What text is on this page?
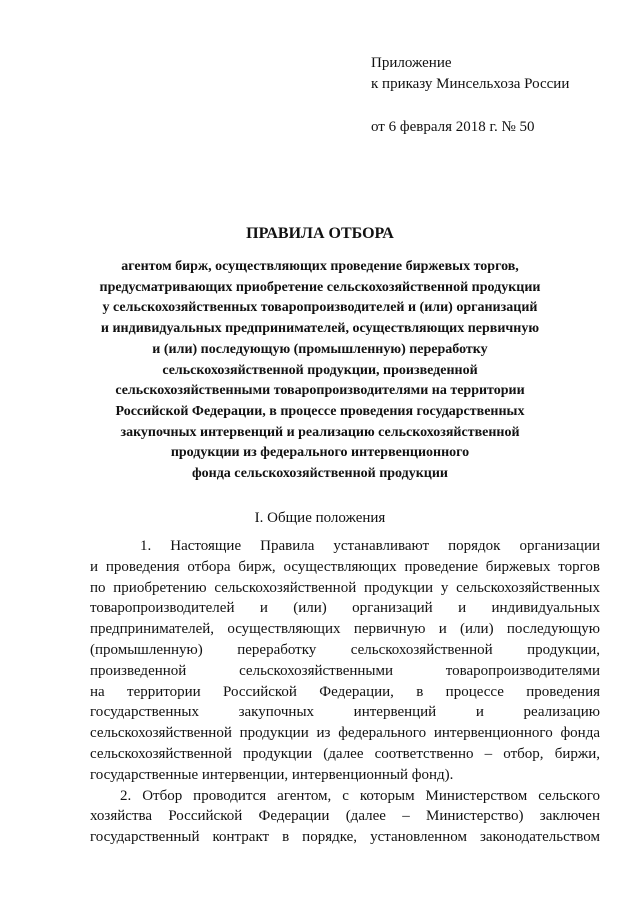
Приложение
к приказу Минсельхоза России
от 6 февраля 2018 г. № 50
ПРАВИЛА ОТБОРА
агентом бирж, осуществляющих проведение биржевых торгов,
предусматривающих приобретение сельскохозяйственной продукции
у сельскохозяйственных товаропроизводителей и (или) организаций
и индивидуальных предпринимателей, осуществляющих первичную
и (или) последующую (промышленную) переработку
сельскохозяйственной продукции, произведенной
сельскохозяйственными товаропроизводителями на территории
Российской Федерации, в процессе проведения государственных
закупочных интервенций и реализацию сельскохозяйственной
продукции из федерального интервенционного
фонда сельскохозяйственной продукции
I. Общие положения
1. Настоящие Правила устанавливают порядок организации
и проведения отбора бирж, осуществляющих проведение биржевых торгов
по приобретению сельскохозяйственной продукции у сельскохозяйственных
товаропроизводителей и (или) организаций и индивидуальных
предпринимателей, осуществляющих первичную и (или) последующую
(промышленную) переработку сельскохозяйственной продукции,
произведенной сельскохозяйственными товаропроизводителями
на территории Российской Федерации, в процессе проведения
государственных закупочных интервенций и реализацию
сельскохозяйственной продукции из федерального интервенционного фонда
сельскохозяйственной продукции (далее соответственно – отбор, биржи,
государственные интервенции, интервенционный фонд).
2. Отбор проводится агентом, с которым Министерством сельского
хозяйства Российской Федерации (далее – Министерство) заключен
государственный контракт в порядке, установленном законодательством
